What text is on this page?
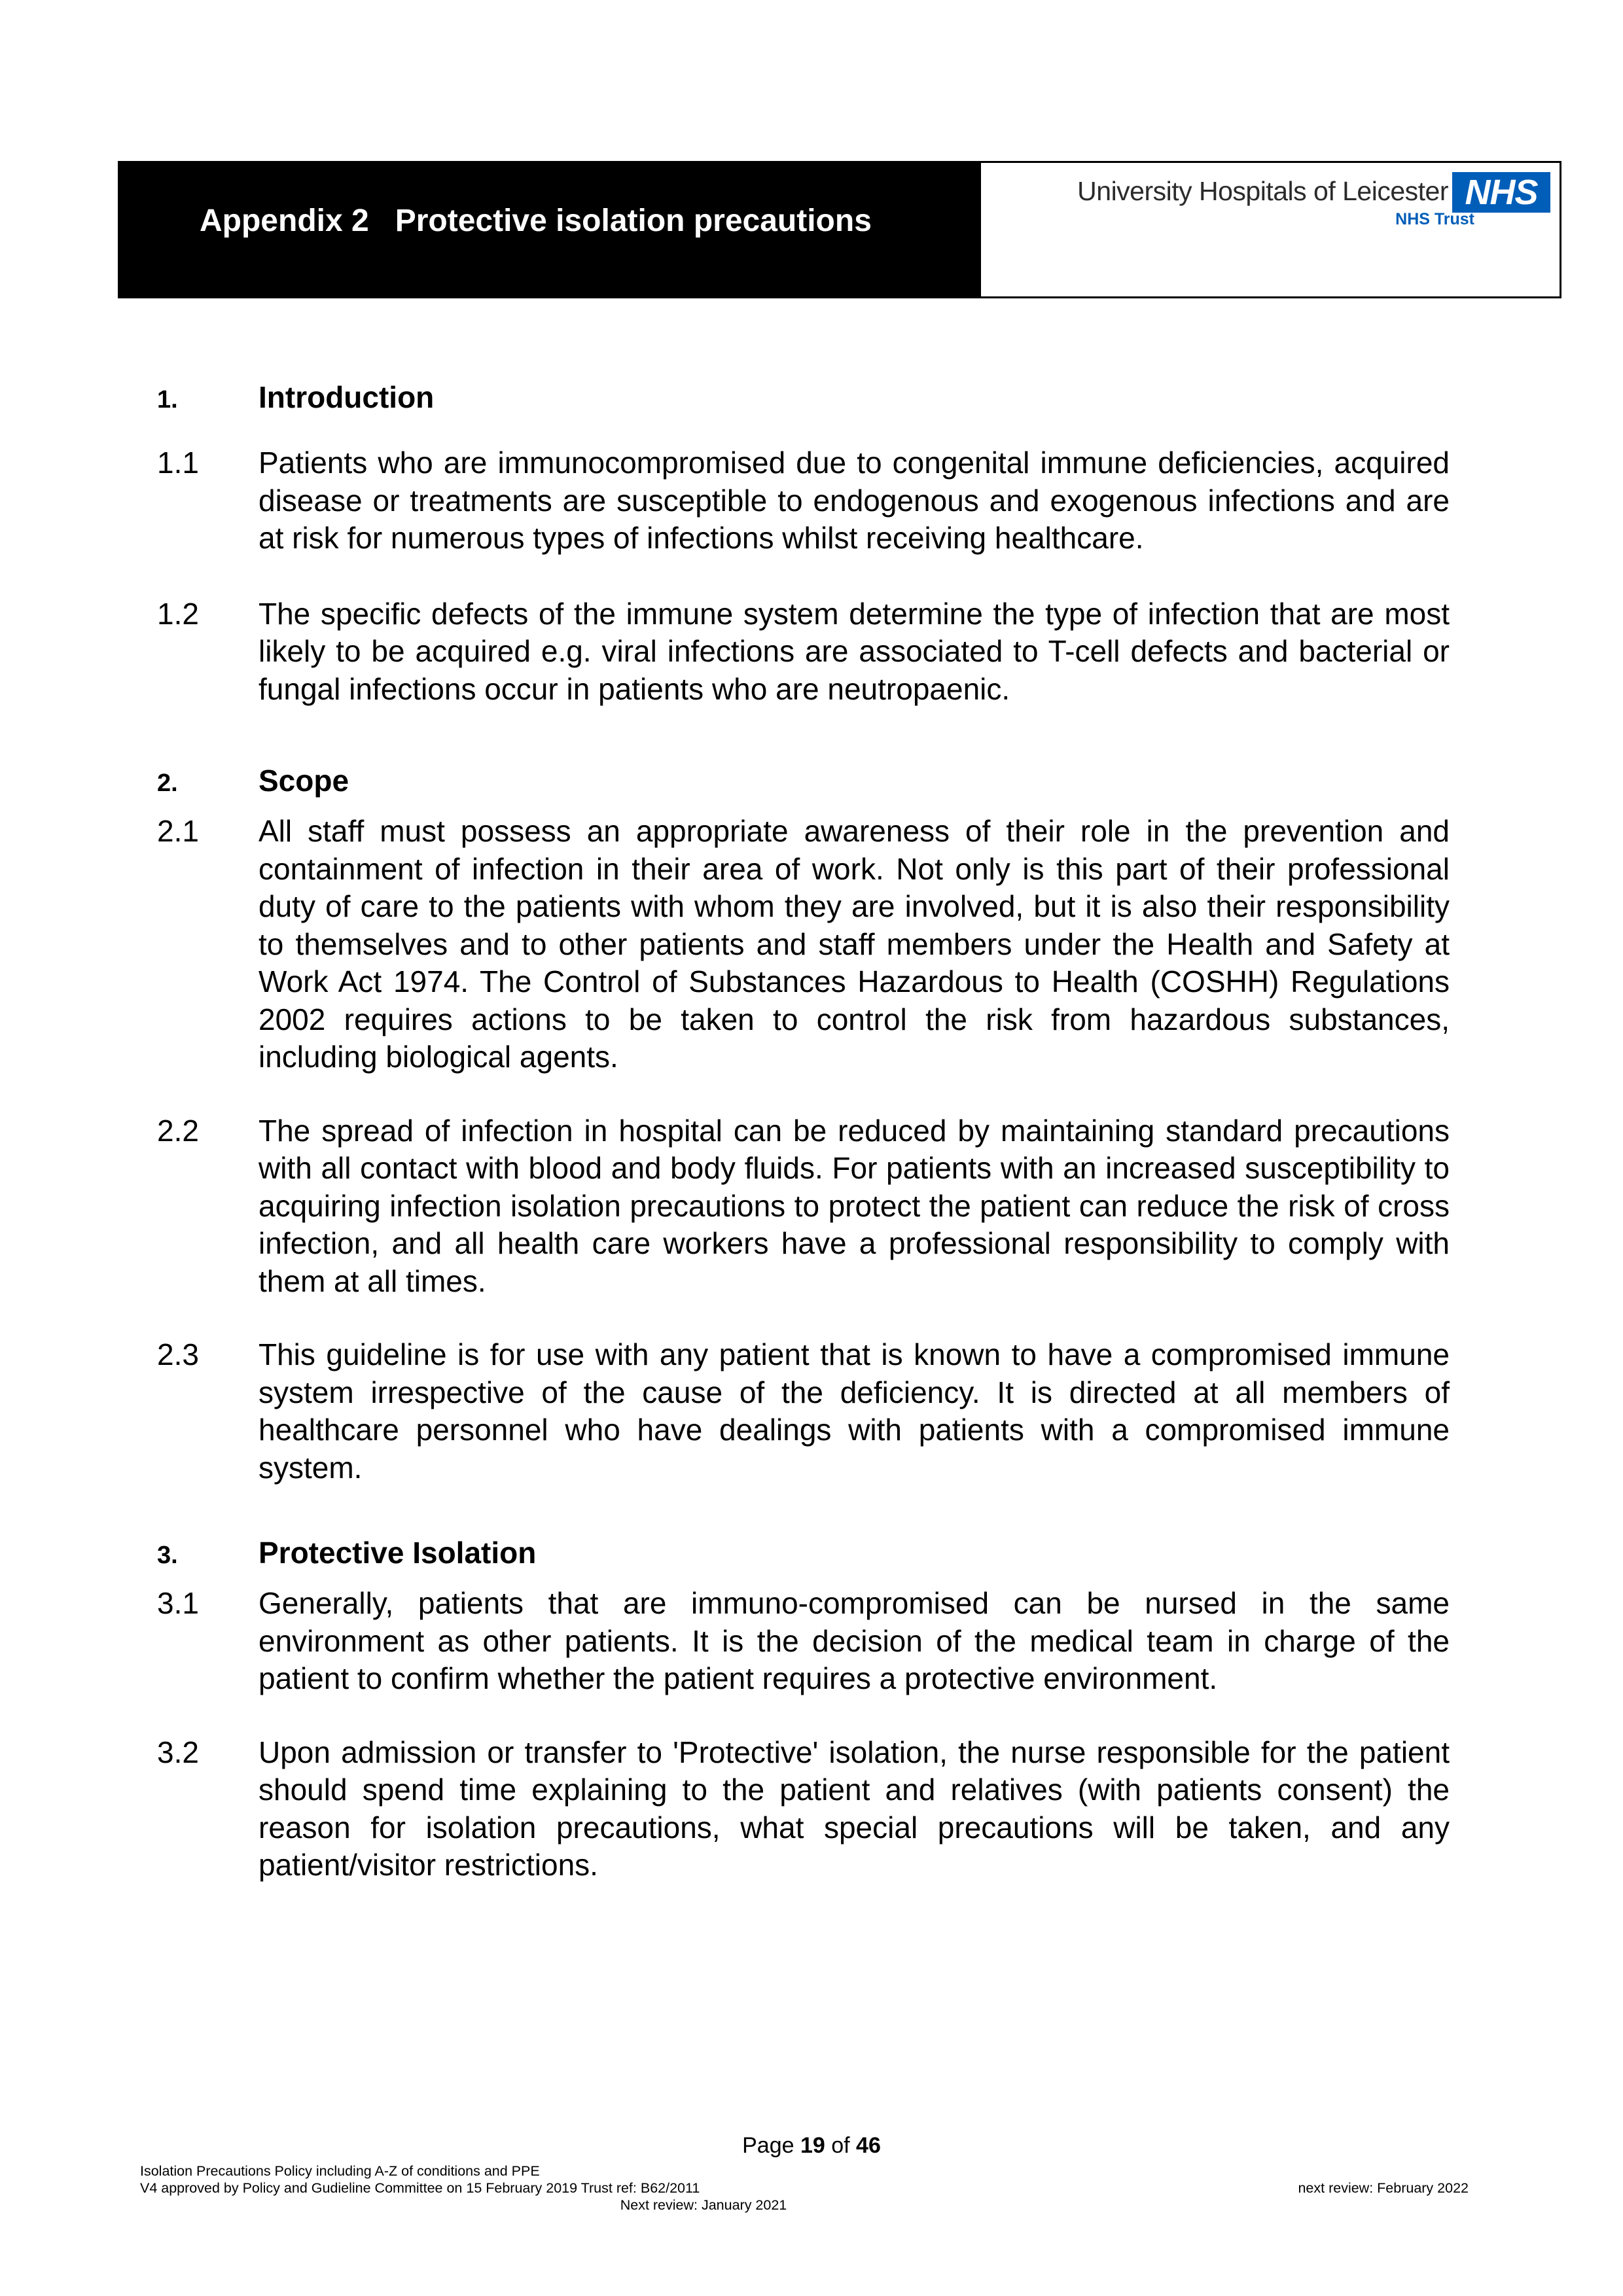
Appendix 2   Protective isolation precautions
University Hospitals of Leicester NHS
NHS Trust
1.	Introduction
1.1	Patients who are immunocompromised due to congenital immune deficiencies, acquired disease or treatments are susceptible to endogenous and exogenous infections and are at risk for numerous types of infections whilst receiving healthcare.
1.2	The specific defects of the immune system determine the type of infection that are most likely to be acquired e.g. viral infections are associated to T-cell defects and bacterial or fungal infections occur in patients who are neutropaenic.
2.	Scope
2.1	All staff must possess an appropriate awareness of their role in the prevention and containment of infection in their area of work. Not only is this part of their professional duty of care to the patients with whom they are involved, but it is also their responsibility to themselves and to other patients and staff members under the Health and Safety at Work Act 1974. The Control of Substances Hazardous to Health (COSHH) Regulations 2002 requires actions to be taken to control the risk from hazardous substances, including biological agents.
2.2	The spread of infection in hospital can be reduced by maintaining standard precautions with all contact with blood and body fluids. For patients with an increased susceptibility to acquiring infection isolation precautions to protect the patient can reduce the risk of cross infection, and all health care workers have a professional responsibility to comply with them at all times.
2.3	This guideline is for use with any patient that is known to have a compromised immune system irrespective of the cause of the deficiency. It is directed at all members of healthcare personnel who have dealings with patients with a compromised immune system.
3.	Protective Isolation
3.1	Generally, patients that are immuno-compromised can be nursed in the same environment as other patients. It is the decision of the medical team in charge of the patient to confirm whether the patient requires a protective environment.
3.2	Upon admission or transfer to 'Protective' isolation, the nurse responsible for the patient should spend time explaining to the patient and relatives (with patients consent) the reason for isolation precautions, what special precautions will be taken, and any patient/visitor restrictions.
Page 19 of 46
Isolation Precautions Policy including A-Z of conditions and PPE
V4 approved by Policy and Gudieline Committee on 15 February 2019 Trust ref: B62/2011	next review: February 2022
Next review: January 2021
